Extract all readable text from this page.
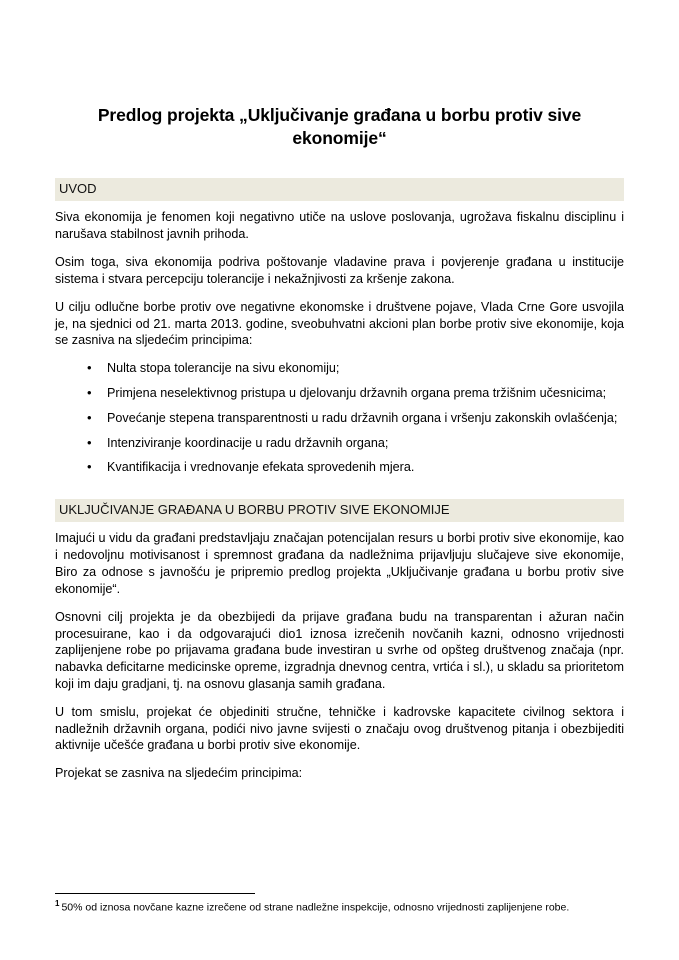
Predlog projekta „Uključivanje građana u borbu protiv sive ekonomije“
UVOD

Siva ekonomija je fenomen koji negativno utiče na uslove poslovanja, ugrožava fiskalnu disciplinu i narušava stabilnost javnih prihoda.

Osim toga, siva ekonomija podriva poštovanje vladavine prava i povjerenje građana u institucije sistema i stvara percepciju tolerancije i nekažnjivosti za kršenje zakona.

U cilju odlučne borbe protiv ove negativne ekonomske i društvene pojave, Vlada Crne Gore usvojila je, na sjednici od 21. marta 2013. godine, sveobuhvatni akcioni plan borbe protiv sive ekonomije, koja se zasniva na sljedećim principima:

• Nulta stopa tolerancije na sivu ekonomiju;
• Primjena neselektivnog pristupa u djelovanju državnih organa prema tržišnim učesnicima;
• Povećanje stepena transparentnosti u radu državnih organa i vršenju zakonskih ovlašćenja;
• Intenziviranje koordinacije u radu državnih organa;
• Kvantifikacija i vrednovanje efekata sprovedenih mjera.
UKLJUČIVANJE GRAĐANA U BORBU PROTIV SIVE EKONOMIJE

Imajući u vidu da građani predstavljaju značajan potencijalan resurs u borbi protiv sive ekonomije, kao i nedovoljnu motivisanost i spremnost građana da nadležnima prijavljuju slučajeve sive ekonomije, Biro za odnose s javnošću je pripremio predlog projekta „Uključivanje građana u borbu protiv sive ekonomije“.

Osnovni cilj projekta je da obezbijedi da prijave građana budu na transparentan i ažuran način procesuirane, kao i da odgovarajući dio1 iznosa izrečenih novčanih kazni, odnosno vrijednosti zaplijenjene robe po prijavama građana bude investiran u svrhe od opšteg društvenog značaja (npr. nabavka deficitarne medicinske opreme, izgradnja dnevnog centra, vrtića i sl.), u skladu sa prioritetom koji im daju gradjani, tj. na osnovu glasanja samih građana.

U tom smislu, projekat će objediniti stručne, tehničke i kadrovske kapacitete civilnog sektora i nadležnih državnih organa, podići nivo javne svijesti o značaju ovog društvenog pitanja i obezbijediti aktivnije učešće građana u borbi protiv sive ekonomije.

Projekat se zasniva na sljedećim principima:

$^1$ 50% od iznosa novčane kazne izrečene od strane nadležne inspekcije, odnosno vrijednosti zaplijenjene robe.
